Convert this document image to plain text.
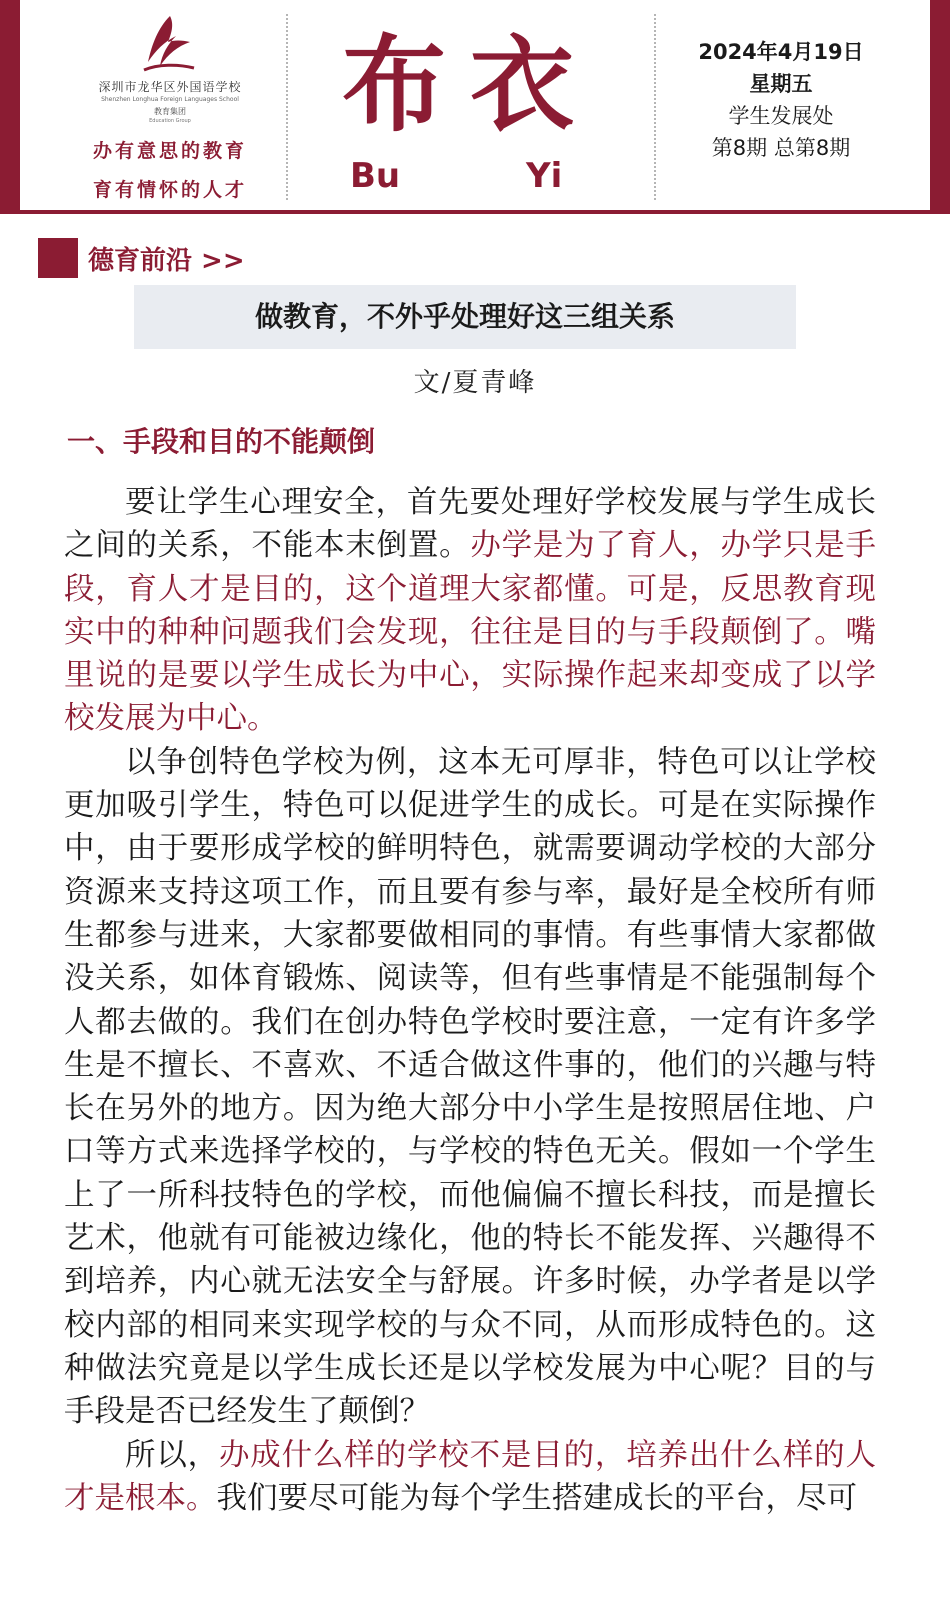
深圳市龙华区外国语学校
Shenzhen Longhua Foreign Languages School
教育集团
Education Group
办有意思的教育
育有情怀的人才
布衣
Bu	Yi
2024年4月19日
星期五
学生发展处
第8期 总第8期
德育前沿 >>
做教育，不外乎处理好这三组关系
文/夏青峰
一、手段和目的不能颠倒

要让学生心理安全，首先要处理好学校发展与学生成长之间的关系，不能本末倒置。办学是为了育人，办学只是手段，育人才是目的，这个道理大家都懂。可是，反思教育现实中的种种问题我们会发现，往往是目的与手段颠倒了。嘴里说的是要以学生成长为中心，实际操作起来却变成了以学校发展为中心。

以争创特色学校为例，这本无可厚非，特色可以让学校更加吸引学生，特色可以促进学生的成长。可是在实际操作中，由于要形成学校的鲜明特色，就需要调动学校的大部分资源来支持这项工作，而且要有参与率，最好是全校所有师生都参与进来，大家都要做相同的事情。有些事情大家都做没关系，如体育锻炼、阅读等，但有些事情是不能强制每个人都去做的。我们在创办特色学校时要注意，一定有许多学生是不擅长、不喜欢、不适合做这件事的，他们的兴趣与特长在另外的地方。因为绝大部分中小学生是按照居住地、户口等方式来选择学校的，与学校的特色无关。假如一个学生上了一所科技特色的学校，而他偏偏不擅长科技，而是擅长艺术，他就有可能被边缘化，他的特长不能发挥、兴趣得不到培养，内心就无法安全与舒展。许多时候，办学者是以学校内部的相同来实现学校的与众不同，从而形成特色的。这种做法究竟是以学生成长还是以学校发展为中心呢？目的与手段是否已经发生了颠倒？

所以，办成什么样的学校不是目的，培养出什么样的人才是根本。我们要尽可能为每个学生搭建成长的平台，尽可
